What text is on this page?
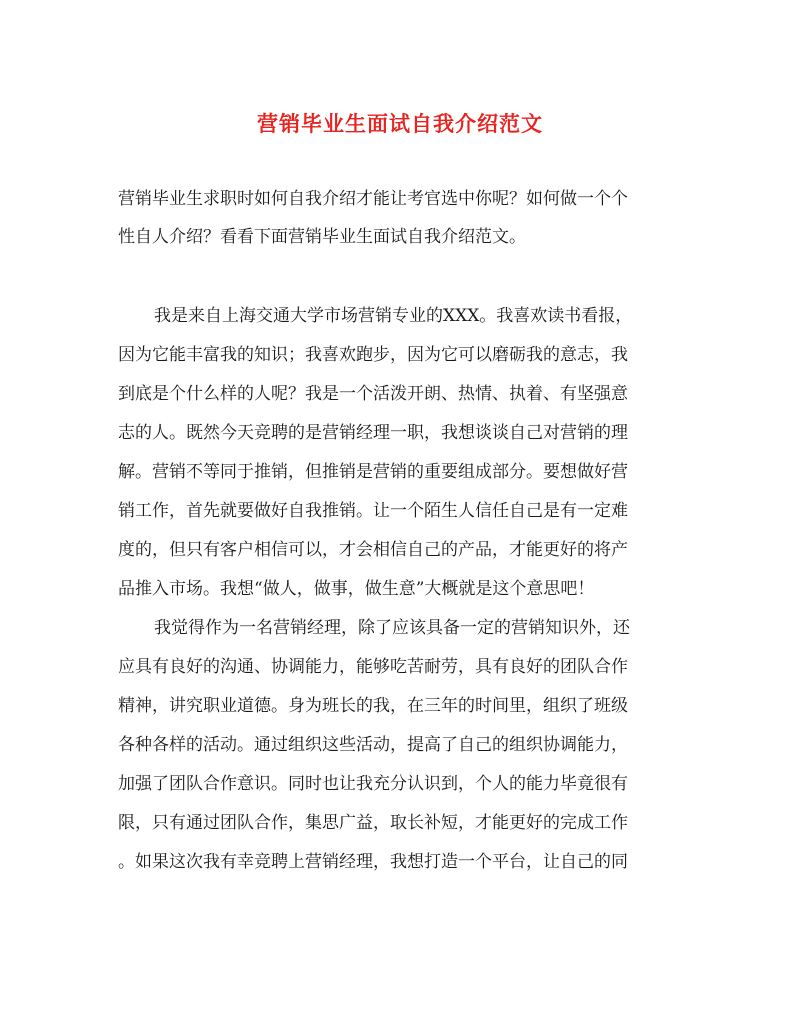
营销毕业生面试自我介绍范文
营销毕业生求职时如何自我介绍才能让考官选中你呢？如何做一个个
性自人介绍？看看下面营销毕业生面试自我介绍范文。
我是来自上海交通大学市场营销专业的XXX。我喜欢读书看报，
因为它能丰富我的知识；我喜欢跑步，因为它可以磨砺我的意志，我
到底是个什么样的人呢？我是一个活泼开朗、热情、执着、有坚强意
志的人。既然今天竞聘的是营销经理一职，我想谈谈自己对营销的理
解。营销不等同于推销，但推销是营销的重要组成部分。要想做好营
销工作，首先就要做好自我推销。让一个陌生人信任自己是有一定难
度的，但只有客户相信可以，才会相信自己的产品，才能更好的将产
品推入市场。我想“做人，做事，做生意”大概就是这个意思吧！
我觉得作为一名营销经理，除了应该具备一定的营销知识外，还
应具有良好的沟通、协调能力，能够吃苦耐劳，具有良好的团队合作
精神，讲究职业道德。身为班长的我，在三年的时间里，组织了班级
各种各样的活动。通过组织这些活动，提高了自己的组织协调能力，
加强了团队合作意识。同时也让我充分认识到，个人的能力毕竟很有
限，只有通过团队合作，集思广益，取长补短，才能更好的完成工作
。如果这次我有幸竞聘上营销经理，我想打造一个平台，让自己的同
